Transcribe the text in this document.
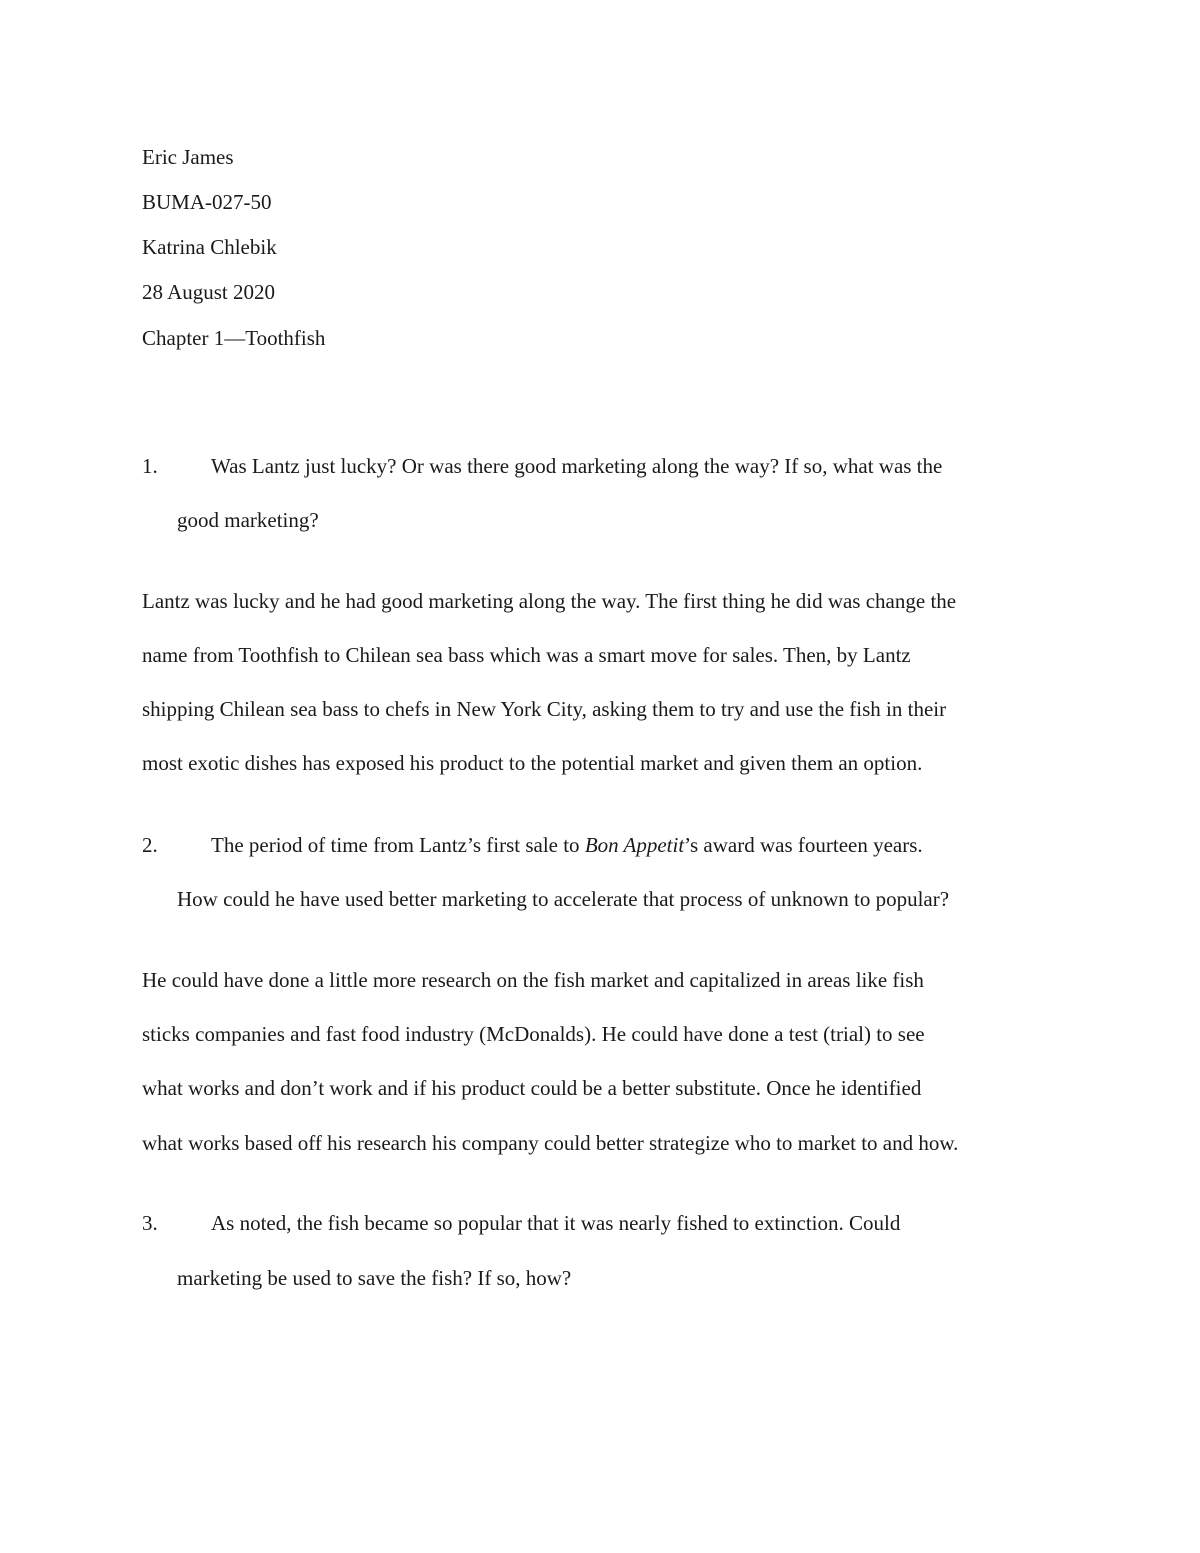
Eric James
BUMA-027-50
Katrina Chlebik
28 August 2020
Chapter 1—Toothfish
1.	Was Lantz just lucky? Or was there good marketing along the way? If so, what was the
good marketing?
Lantz was lucky and he had good marketing along the way. The first thing he did was change the
name from Toothfish to Chilean sea bass which was a smart move for sales. Then, by Lantz
shipping Chilean sea bass to chefs in New York City, asking them to try and use the fish in their
most exotic dishes has exposed his product to the potential market and given them an option.
2.	The period of time from Lantz’s first sale to Bon Appetit’s award was fourteen years.
How could he have used better marketing to accelerate that process of unknown to popular?
He could have done a little more research on the fish market and capitalized in areas like fish
sticks companies and fast food industry (McDonalds). He could have done a test (trial) to see
what works and don’t work and if his product could be a better substitute. Once he identified
what works based off his research his company could better strategize who to market to and how.
3.	As noted, the fish became so popular that it was nearly fished to extinction. Could
marketing be used to save the fish? If so, how?
